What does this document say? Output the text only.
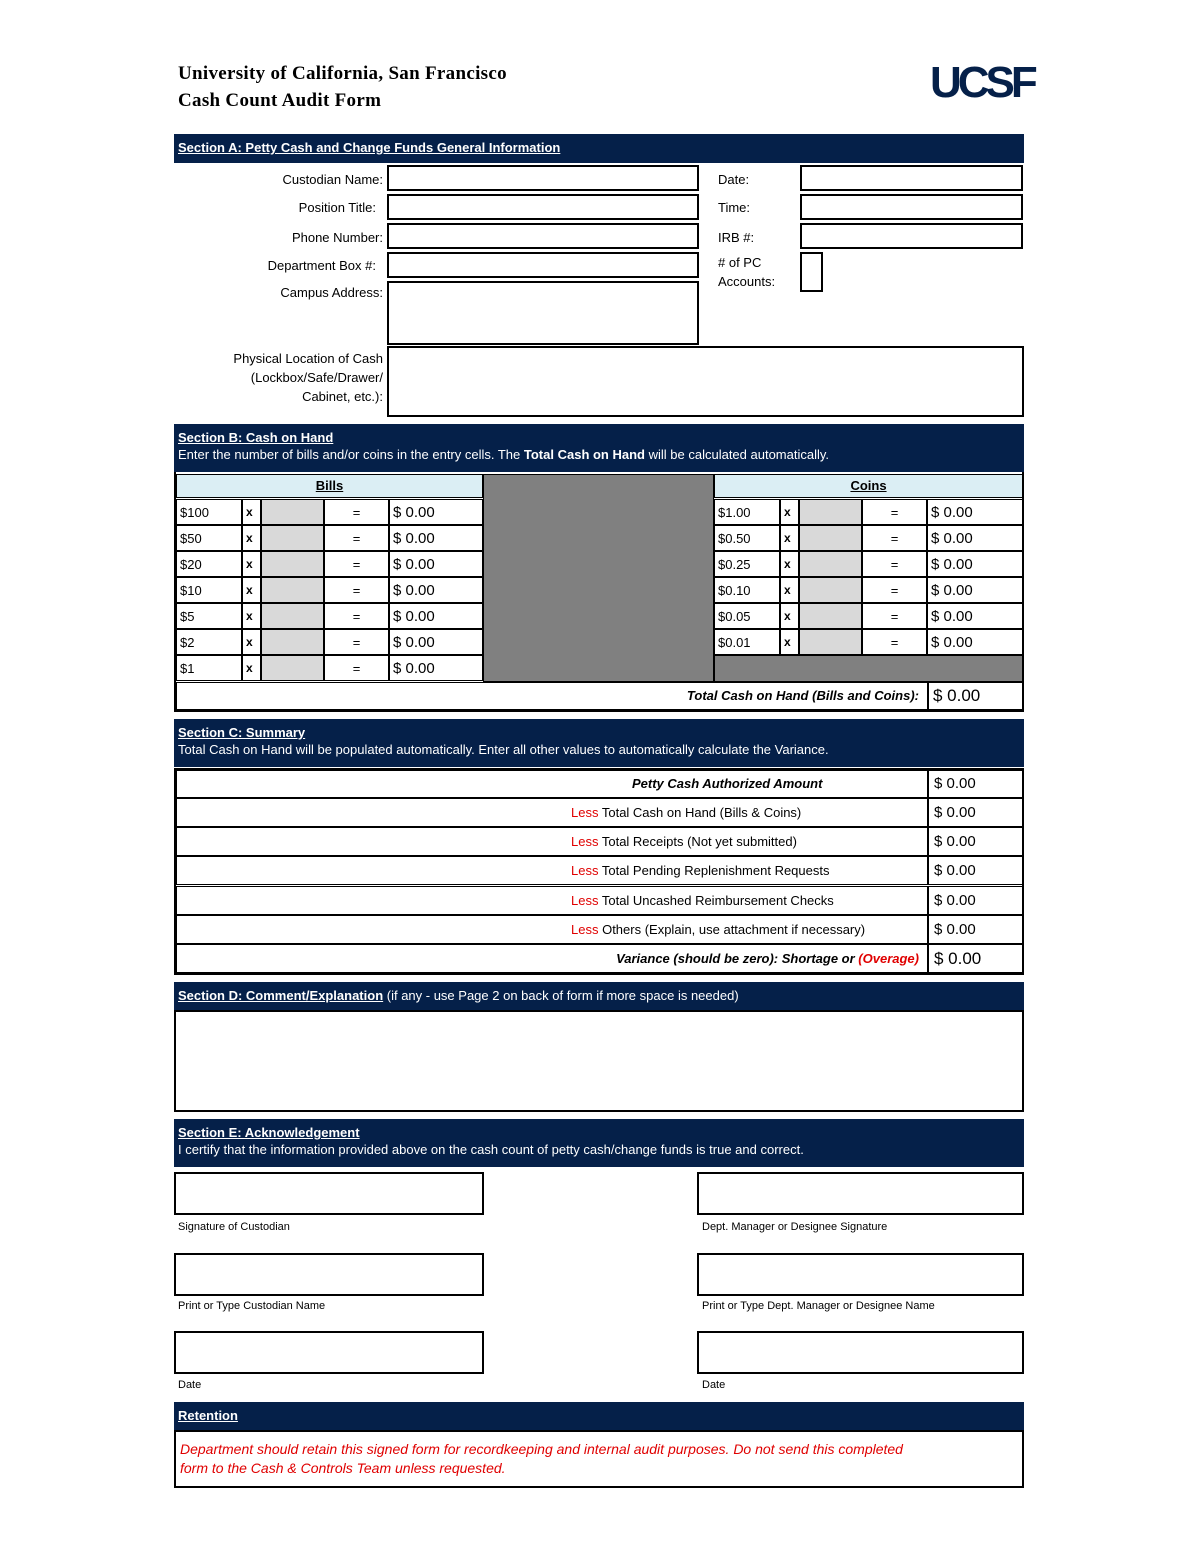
University of California, San Francisco
Cash Count Audit Form	UCSF
Section A: Petty Cash and Change Funds General Information
Custodian Name:
Position Title:
Phone Number:
Department Box #:
Campus Address:
Date:
Time:
IRB #:
# of PC
Accounts:
Physical Location of Cash
(Lockbox/Safe/Drawer/
Cabinet, etc.):
Section B: Cash on Hand
Enter the number of bills and/or coins in the entry cells. The Total Cash on Hand will be calculated automatically.
Bills	Coins
$100	x	=	$ 0.00
$50	x	=	$ 0.00
$20	x	=	$ 0.00
$10	x	=	$ 0.00
$5	x	=	$ 0.00
$2	x	=	$ 0.00
$1	x	=	$ 0.00
$1.00	x	=	$ 0.00
$0.50	x	=	$ 0.00
$0.25	x	=	$ 0.00
$0.10	x	=	$ 0.00
$0.05	x	=	$ 0.00
$0.01	x	=	$ 0.00
Total Cash on Hand (Bills and Coins): $ 0.00
Section C: Summary
Total Cash on Hand will be populated automatically. Enter all other values to automatically calculate the Variance.
Petty Cash Authorized Amount	$ 0.00
Less Total Cash on Hand (Bills & Coins)	$ 0.00
Less Total Receipts (Not yet submitted)	$ 0.00
Less Total Pending Replenishment Requests	$ 0.00
Less Total Uncashed Reimbursement Checks	$ 0.00
Less Others (Explain, use attachment if necessary)	$ 0.00
Variance (should be zero): Shortage or (Overage) $ 0.00
Section D: Comment/Explanation (if any - use Page 2 on back of form if more space is needed)
Section E: Acknowledgement
I certify that the information provided above on the cash count of petty cash/change funds is true and correct.
Signature of Custodian	Dept. Manager or Designee Signature
Print or Type Custodian Name	Print or Type Dept. Manager or Designee Name
Date	Date
Retention
Department should retain this signed form for recordkeeping and internal audit purposes. Do not send this completed
form to the Cash & Controls Team unless requested.
